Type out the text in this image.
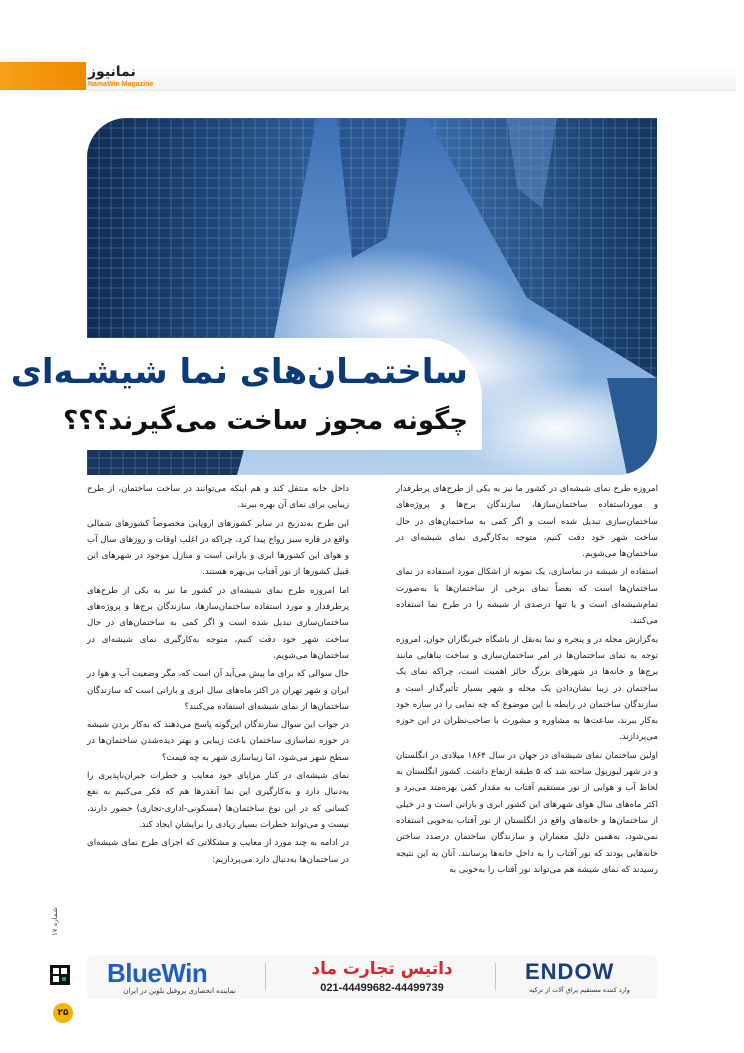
نمانیوز
NamaWin Magazine
ساختمـان‌های نما شیشـه‌ای
چگونه مجوز ساخت می‌گیرند؟؟؟

امروزه طرح نمای شیشه‌ای در کشور ما نیز به یکی از طرح‌های پرطرفدار و مورداستفاده ساختمان‌سازها، سازندگان برج‌ها و پروژه‌های ساختمان‌سازی تبدیل شده است و اگر کمی به ساختمان‌های در حال ساخت شهر خود دقت کنیم، متوجه به‌کارگیری نمای شیشه‌ای در ساختمان‌ها می‌شویم.

استفاده از شیشه در نماسازی، یک نمونه از اشکال مورد استفاده در نمای ساختمان‌ها است که بعضاً نمای برخی از ساختمان‌ها یا به‌صورت تمام‌شیشه‌ای است و یا تنها درصدی از شیشه را در طرح نما استفاده می‌کنند.

به‌گزارش مجله در و پنجره و نما به‌نقل از باشگاه خبرنگاران جوان، امروزه توجه به نمای ساختمان‌ها در امر ساختمان‌سازی و ساخت بناهایی مانند برج‌ها و خانه‌ها در شهرهای بزرگ حائز اهمیت است، چراکه نمای یک ساختمان در زیبا نشان‌دادن یک محله و شهر بسیار تأثیرگذار است و سازندگان ساختمان در رابطه با این موضوع که چه نمایی را در سازه خود به‌کار ببرند، ساعت‌ها به مشاوره و مشورت با صاحب‌نظران در این حوزه می‌پردازند.

اولین ساختمان نمای شیشه‌ای در جهان در سال ۱۸۶۴ میلادی در انگلستان و در شهر لیورپول ساخته شد که ۵ طبقه ارتفاع داشت. کشور انگلستان به لحاظ آب و هوایی از نور مستقیم آفتاب به مقدار کمی بهره‌مند می‌برد و اکثر ماه‌های سال هوای شهرهای این کشور ابری و بارانی است و در خیلی از ساختمان‌ها و خانه‌های واقع در انگلستان از نور آفتاب به‌خوبی استفاده نمی‌شود، به‌همین دلیل معماران و سازندگان ساختمان درصدد ساختن خانه‌هایی بودند که نور آفتاب را به داخل خانه‌ها برسانند. آنان به این نتیجه رسیدند که نمای شیشه هم می‌تواند نور آفتاب را به‌خوبی به

داخل خانه منتقل کند و هم اینکه می‌توانند در ساخت ساختمان، از طرح زیبایی برای نمای آن بهره ببرند.

این طرح به‌تدریج در سایر کشورهای اروپایی مخصوصاً کشورهای شمالی واقع در قاره سبز رواج پیدا کرد، چراکه در اغلب اوقات و روزهای سال آب و هوای این کشورها ابری و بارانی است و منازل موجود در شهرهای این قبیل کشورها از نور آفتاب بی‌بهره هستند.

اما امروزه طرح نمای شیشه‌ای در کشور ما نیز به یکی از طرح‌های پرطرفدار و مورد استفاده ساختمان‌سازها، سازندگان برج‌ها و پروژه‌های ساختمان‌سازی تبدیل شده است و اگر کمی به ساختمان‌های در حال ساخت شهر خود دقت کنیم، متوجه به‌کارگیری نمای شیشه‌ای در ساختمان‌ها می‌شویم.

حال سوالی که برای ما پیش می‌آید آن است که، مگر وضعیت آب و هوا در ایران و شهر تهران در اکثر ماه‌های سال ابری و بارانی است که سازندگان ساختمان‌ها از نمای شیشه‌ای استفاده می‌کنند؟

در جواب این سوال سازندگان این‌گونه پاسخ می‌دهند که به‌کار بردن شیشه در حوزه نماسازی ساختمان باعث زیبایی و بهتر دیده‌شدن ساختمان‌ها در سطح شهر می‌شود، اما زیباسازی شهر به چه قیمت؟

نمای شیشه‌ای در کنار مزایای خود معایب و خطرات جبران‌ناپذیری را به‌دنبال دارد و به‌کارگیری این نما آنقدرها هم که فکر می‌کنیم به نفع کسانی که در این نوع ساختمان‌ها (مسکونی-اداری-تجاری) حضور دارند، نیست و می‌تواند خطرات بسیار زیادی را برایشان ایجاد کند.

در ادامه به چند مورد از معایب و مشکلاتی که اجرای طرح نمای شیشه‌ای در ساختمان‌ها به‌دنبال دارد می‌پردازیم:

شماره ۱۷
۲۵
BlueWin
نماینده انحصاری پروفیل بلوین در ایران
داتیس تجارت ماد
021-44499682-44499739
ENDOW
وارد کننده مستقیم یراق آلات از ترکیه
